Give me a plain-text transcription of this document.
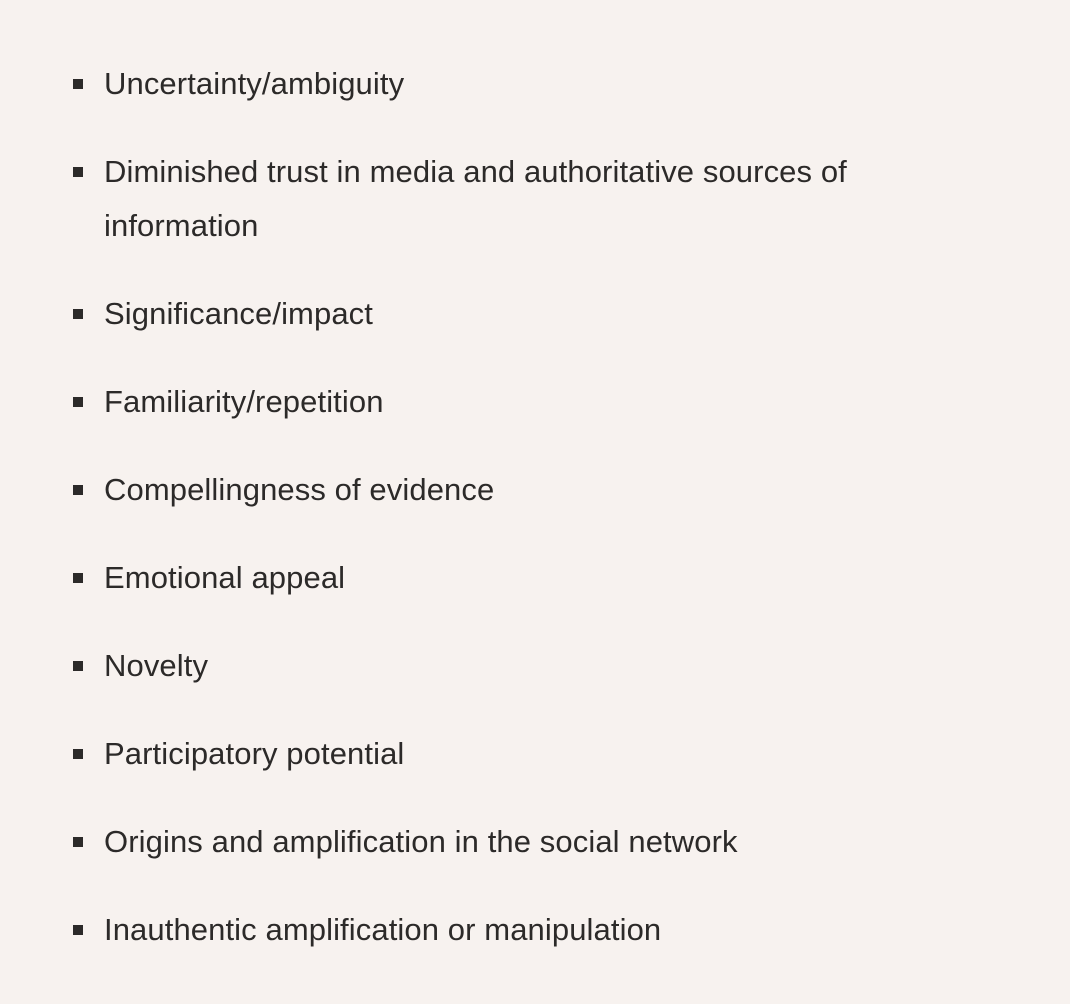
Uncertainty/ambiguity
Diminished trust in media and authoritative sources of information
Significance/impact
Familiarity/repetition
Compellingness of evidence
Emotional appeal
Novelty
Participatory potential
Origins and amplification in the social network
Inauthentic amplification or manipulation
